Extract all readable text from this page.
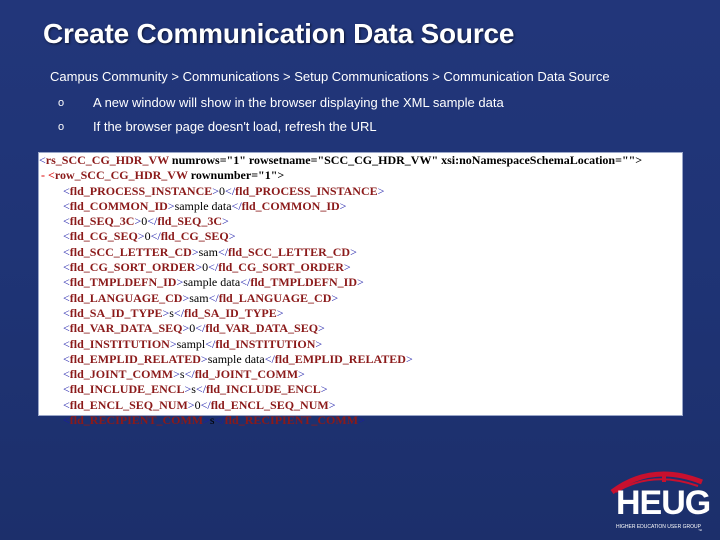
Create Communication Data Source
Campus Community > Communications > Setup Communications > Communication Data Source
o A new window will show in the browser displaying the XML sample data
o If the browser page doesn't load, refresh the URL
<rs_SCC_CG_HDR_VW numrows="1" rowsetname="SCC_CG_HDR_VW" xsi:noNamespaceSchemaLocation="">
- <row_SCC_CG_HDR_VW rownumber="1">
<fld_PROCESS_INSTANCE>0</fld_PROCESS_INSTANCE>
<fld_COMMON_ID>sample data</fld_COMMON_ID>
<fld_SEQ_3C>0</fld_SEQ_3C>
<fld_CG_SEQ>0</fld_CG_SEQ>
<fld_SCC_LETTER_CD>sam</fld_SCC_LETTER_CD>
<fld_CG_SORT_ORDER>0</fld_CG_SORT_ORDER>
<fld_TMPLDEFN_ID>sample data</fld_TMPLDEFN_ID>
<fld_LANGUAGE_CD>sam</fld_LANGUAGE_CD>
<fld_SA_ID_TYPE>s</fld_SA_ID_TYPE>
<fld_VAR_DATA_SEQ>0</fld_VAR_DATA_SEQ>
<fld_INSTITUTION>sampl</fld_INSTITUTION>
<fld_EMPLID_RELATED>sample data</fld_EMPLID_RELATED>
<fld_JOINT_COMM>s</fld_JOINT_COMM>
<fld_INCLUDE_ENCL>s</fld_INCLUDE_ENCL>
<fld_ENCL_SEQ_NUM>0</fld_ENCL_SEQ_NUM>
<fld_RECIPIENT_COMM>s</fld_RECIPIENT_COMM>
HEUG
HIGHER EDUCATION USER GROUP
™
